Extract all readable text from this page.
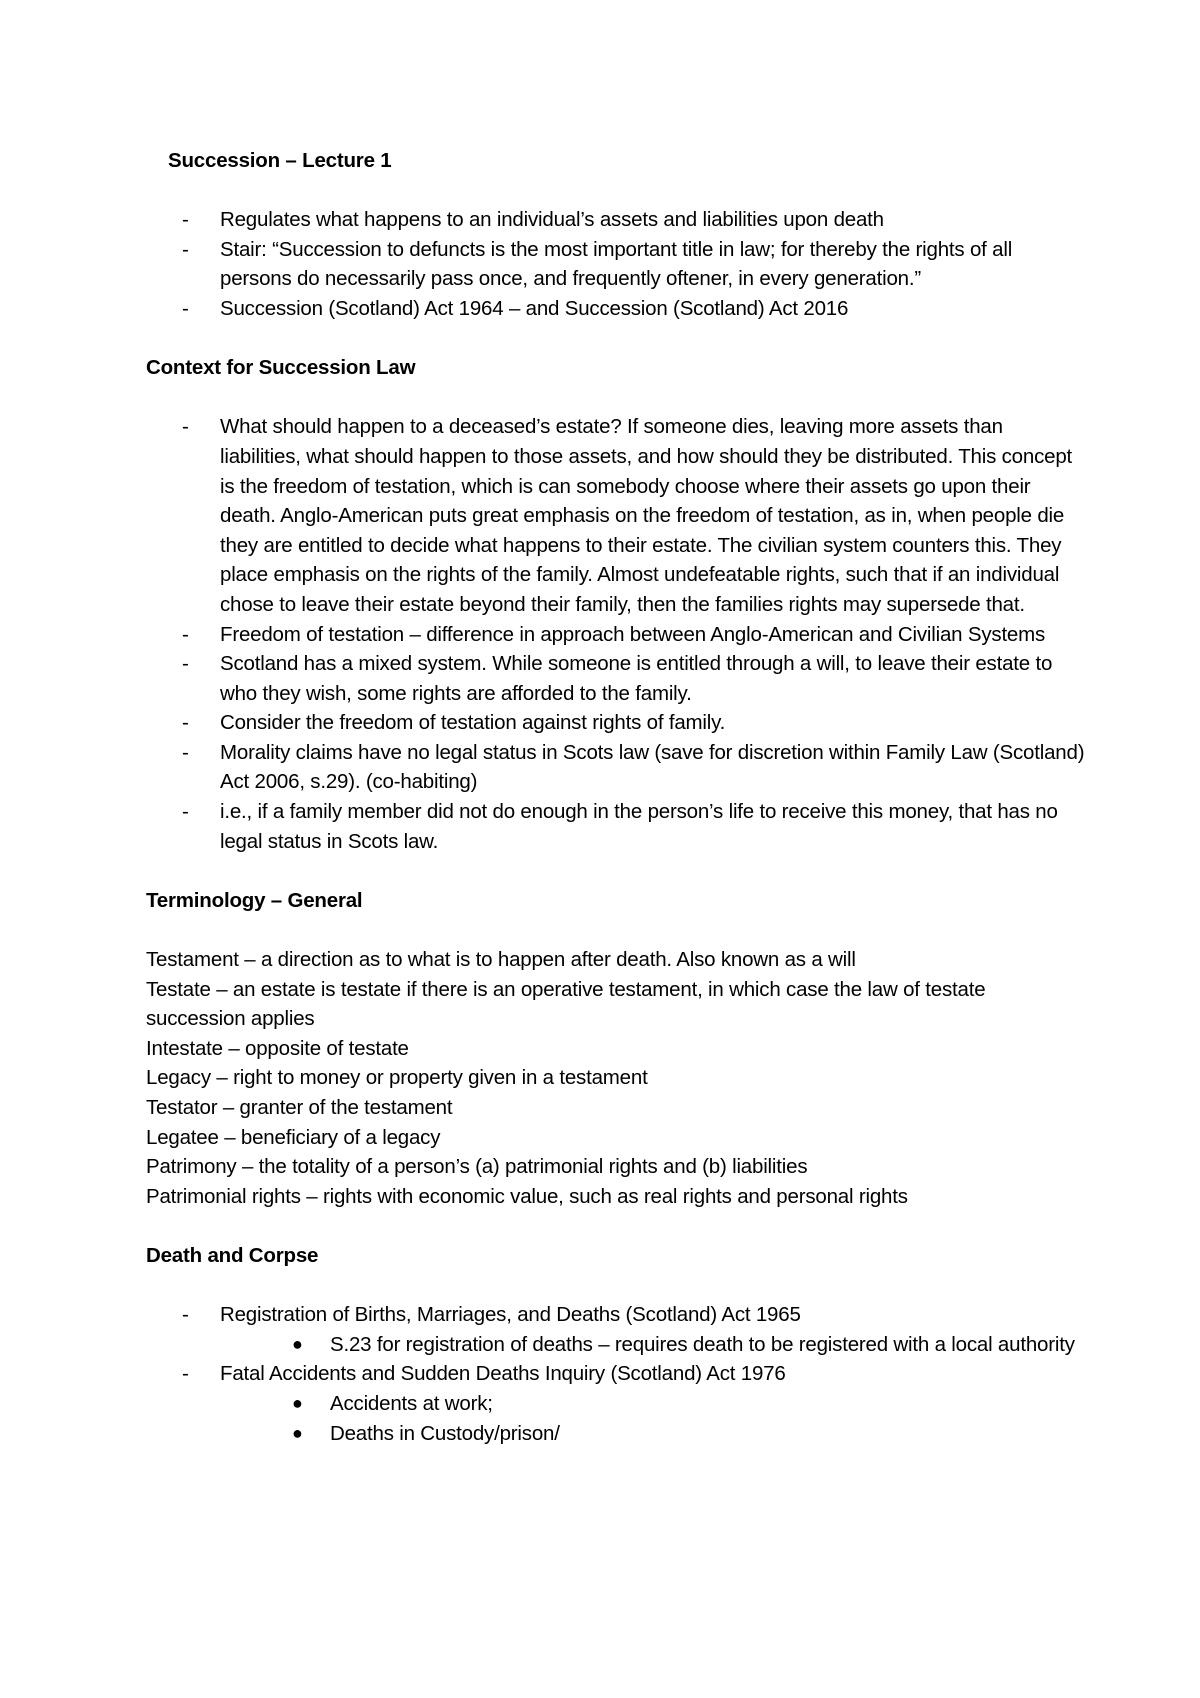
Succession – Lecture 1

- Regulates what happens to an individual’s assets and liabilities upon death
- Stair: “Succession to defuncts is the most important title in law; for thereby the rights of all persons do necessarily pass once, and frequently oftener, in every generation.”
- Succession (Scotland) Act 1964 – and Succession (Scotland) Act 2016

Context for Succession Law

- What should happen to a deceased’s estate? If someone dies, leaving more assets than liabilities, what should happen to those assets, and how should they be distributed. This concept is the freedom of testation, which is can somebody choose where their assets go upon their death. Anglo-American puts great emphasis on the freedom of testation, as in, when people die they are entitled to decide what happens to their estate. The civilian system counters this. They place emphasis on the rights of the family. Almost undefeatable rights, such that if an individual chose to leave their estate beyond their family, then the families rights may supersede that.
- Freedom of testation – difference in approach between Anglo-American and Civilian Systems
- Scotland has a mixed system. While someone is entitled through a will, to leave their estate to who they wish, some rights are afforded to the family.
- Consider the freedom of testation against rights of family.
- Morality claims have no legal status in Scots law (save for discretion within Family Law (Scotland) Act 2006, s.29). (co-habiting)
- i.e., if a family member did not do enough in the person’s life to receive this money, that has no legal status in Scots law.

Terminology – General

Testament – a direction as to what is to happen after death. Also known as a will

Testate – an estate is testate if there is an operative testament, in which case the law of testate succession applies

Intestate – opposite of testate

Legacy – right to money or property given in a testament

Testator – granter of the testament

Legatee – beneficiary of a legacy

Patrimony – the totality of a person’s (a) patrimonial rights and (b) liabilities

Patrimonial rights – rights with economic value, such as real rights and personal rights

Death and Corpse

- Registration of Births, Marriages, and Deaths (Scotland) Act 1965
● S.23 for registration of deaths – requires death to be registered with a local authority
- Fatal Accidents and Sudden Deaths Inquiry (Scotland) Act 1976
● Accidents at work;
● Deaths in Custody/prison/
